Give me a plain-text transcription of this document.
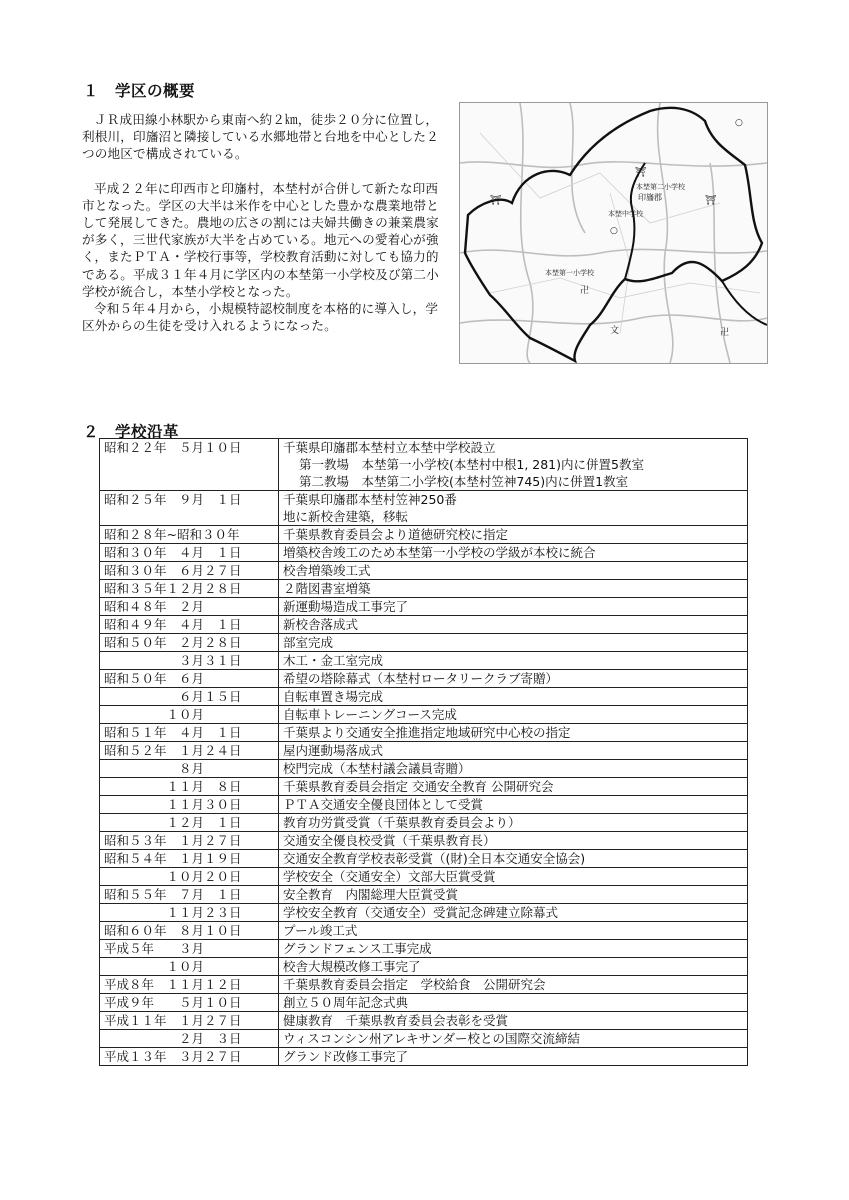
１ 学区の概要

ＪＲ成田線小林駅から東南へ約２㎞，徒歩２０分に位置し，利根川，印旛沼と隣接している水郷地帯と台地を中心とした２つの地区で構成されている。

平成２２年に印西市と印旛村，本埜村が合併して新たな印西市となった。学区の大半は米作を中心とした豊かな農業地帯として発展してきた。農地の広さの割には夫婦共働きの兼業農家が多く，三世代家族が大半を占めている。地元への愛着心が強く，またＰＴＡ・学校行事等，学校教育活動に対しても協力的である。平成３１年４月に学区内の本埜第一小学校及び第二小学校が統合し，本埜小学校となった。

令和５年４月から，小規模特認校制度を本格的に導入し，学区外からの生徒を受け入れるようになった。

⛩
⛩	⛩
○
○
卍
卍
文
本埜第二小学校
印旛郡
本埜中学校
本埜第一小学校
２ 学校沿革
昭和２２年　５月１０日	千葉県印旛郡本埜村立本埜中学校設立
第一教場　本埜第一小学校(本埜村中根1, 281)内に併置5教室
第二教場　本埜第二小学校(本埜村笠神745)内に併置1教室

昭和２５年　９月　１日	千葉県印旛郡本埜村笠神250番
地に新校舎建築，移転

昭和２８年~昭和３０年	千葉県教育委員会より道徳研究校に指定

昭和３０年　４月　１日	増築校舎竣工のため本埜第一小学校の学級が本校に統合

昭和３０年　６月２７日	校舎増築竣工式

昭和３５年１２月２８日	２階図書室増築

昭和４８年　２月	新運動場造成工事完了

昭和４９年　４月　１日	新校舎落成式

昭和５０年　２月２８日	部室完成

　　　　　　３月３１日	木工・金工室完成

昭和５０年　６月	希望の塔除幕式（本埜村ロータリークラブ寄贈）

　　　　　　６月１５日	自転車置き場完成

　　　　　１０月	自転車トレーニングコース完成

昭和５１年　４月　１日	千葉県より交通安全推進指定地域研究中心校の指定

昭和５２年　１月２４日	屋内運動場落成式

　　　　　　８月	校門完成（本埜村議会議員寄贈）

　　　　　１１月　８日	千葉県教育委員会指定 交通安全教育 公開研究会

　　　　　１１月３０日	ＰＴＡ交通安全優良団体として受賞

　　　　　１２月　１日	教育功労賞受賞（千葉県教育委員会より）

昭和５３年　１月２７日	交通安全優良校受賞（千葉県教育長）

昭和５４年　１月１９日	交通安全教育学校表彰受賞（(財)全日本交通安全協会)

　　　　　１０月２０日	学校安全（交通安全）文部大臣賞受賞

昭和５５年　７月　１日	安全教育　内閣総理大臣賞受賞

　　　　　１１月２３日	学校安全教育（交通安全）受賞記念碑建立除幕式

昭和６０年　８月１０日	プール竣工式

平成５年　　３月	グランドフェンス工事完成

　　　　　１０月	校舎大規模改修工事完了

平成８年　１１月１２日	千葉県教育委員会指定　学校給食　公開研究会

平成９年　　５月１０日	創立５０周年記念式典

平成１１年　１月２７日	健康教育　千葉県教育委員会表彰を受賞

　　　　　　２月　３日	ウィスコンシン州アレキサンダー校との国際交流締結

平成１３年　３月２７日	グランド改修工事完了
